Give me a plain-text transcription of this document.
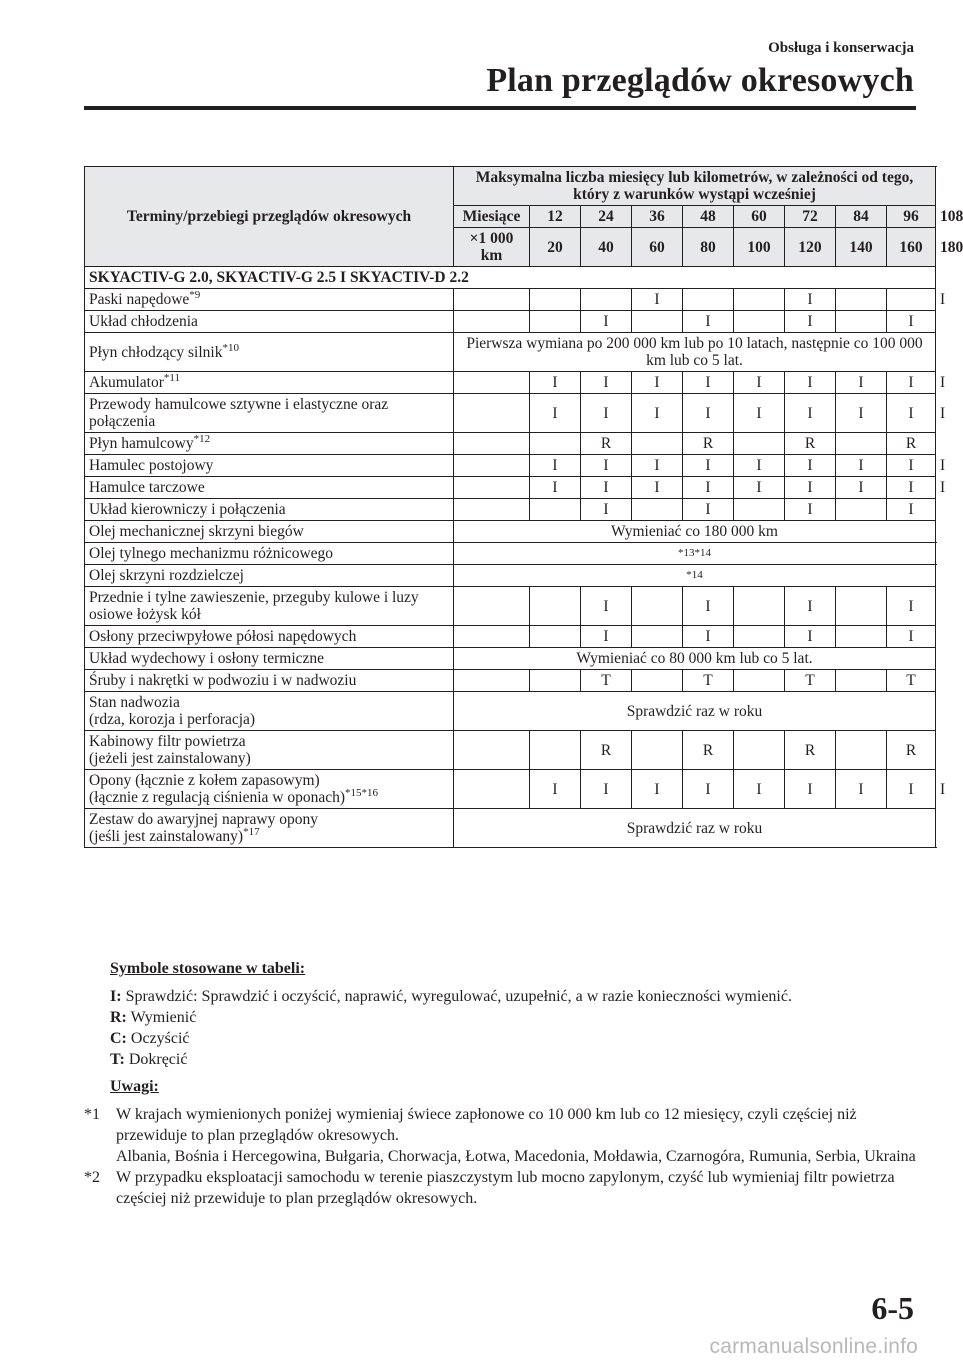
Obsługa i konserwacja
Plan przeglądów okresowych
Terminy/przebiegi przeglądów okresowych	Maksymalna liczba miesięcy lub kilometrów, w zależności od tego, który z warunków wystąpi wcześniej									
	Miesiące	12	24	36	48	60	72	84	96	108
	×1 000 km	20	40	60	80	100	120	140	160	180
SKYACTIV-G 2.0, SKYACTIV-G 2.5 I SKYACTIV-D 2.2										
Paski napędowe$^{*9}$				I			I			I
Układ chłodzenia			I		I		I		I	
Płyn chłodzący silnik$^{*10}$	Pierwsza wymiana po 200 000 km lub po 10 latach, następnie co 100 000 km lub co 5 lat.									
Akumulator$^{*11}$		I	I	I	I	I	I	I	I	I
Przewody hamulcowe sztywne i elastyczne oraz połączenia		I	I	I	I	I	I	I	I	I
Płyn hamulcowy$^{*12}$			R		R		R		R	
Hamulec postojowy		I	I	I	I	I	I	I	I	I
Hamulce tarczowe		I	I	I	I	I	I	I	I	I
Układ kierowniczy i połączenia			I		I		I		I	
Olej mechanicznej skrzyni biegów	Wymieniać co 180 000 km									
Olej tylnego mechanizmu różnicowego	*13*14									
Olej skrzyni rozdzielczej	*14									
Przednie i tylne zawieszenie, przeguby kulowe i luzy osiowe łożysk kół			I		I		I		I	
Osłony przeciwpyłowe półosi napędowych			I		I		I		I	
Układ wydechowy i osłony termiczne	Wymieniać co 80 000 km lub co 5 lat.									
Śruby i nakrętki w podwoziu i w nadwoziu			T		T		T		T	
Stan nadwozia
(rdza, korozja i perforacja)	Sprawdzić raz w roku									
Kabinowy filtr powietrza
(jeżeli jest zainstalowany)			R		R		R		R	
Opony (łącznie z kołem zapasowym)
(łącznie z regulacją ciśnienia w oponach)$^{*15*16}$		I	I	I	I	I	I	I	I	I
Zestaw do awaryjnej naprawy opony
(jeśli jest zainstalowany)$^{*17}$	Sprawdzić raz w roku									
Symbole stosowane w tabeli:
I: Sprawdzić: Sprawdzić i oczyścić, naprawić, wyregulować, uzupełnić, a w razie konieczności wymienić.
R: Wymienić
C: Oczyścić
T: Dokręcić
Uwagi:
*1	W krajach wymienionych poniżej wymieniaj świece zapłonowe co 10 000 km lub co 12 miesięcy, czyli częściej niż przewiduje to plan przeglądów okresowych.
Albania, Bośnia i Hercegowina, Bułgaria, Chorwacja, Łotwa, Macedonia, Mołdawia, Czarnogóra, Rumunia, Serbia, Ukraina
*2	W przypadku eksploatacji samochodu w terenie piaszczystym lub mocno zapylonym, czyść lub wymieniaj filtr powietrza częściej niż przewiduje to plan przeglądów okresowych.
6-5
carmanualsonline.info
